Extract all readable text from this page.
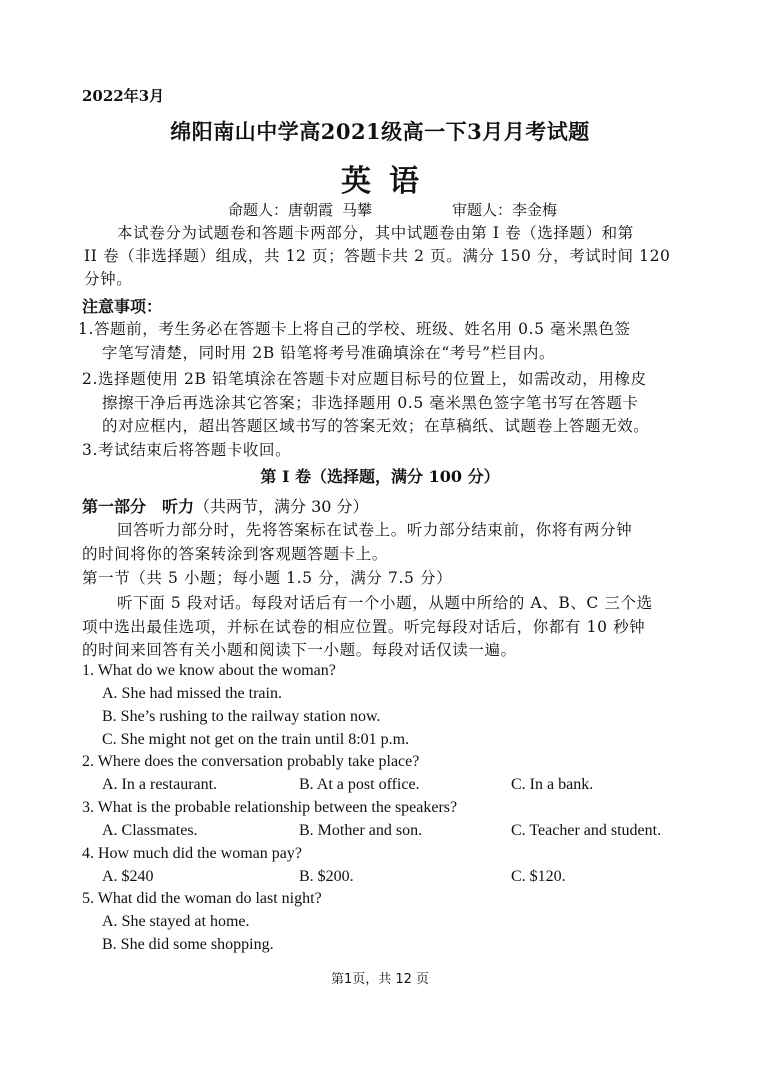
2022年3月
绵阳南山中学高2021级高一下3月月考试题
英语
命题人：唐朝霞 马攀	审题人：李金梅
本试卷分为试题卷和答题卡两部分，其中试题卷由第 I 卷（选择题）和第
II 卷（非选择题）组成，共 12 页；答题卡共 2 页。满分 150 分，考试时间 120
分钟。
注意事项：
1.答题前，考生务必在答题卡上将自己的学校、班级、姓名用 0.5 毫米黑色签
字笔写清楚，同时用 2B 铅笔将考号准确填涂在“考号”栏目内。
2.选择题使用 2B 铅笔填涂在答题卡对应题目标号的位置上，如需改动，用橡皮
擦擦干净后再选涂其它答案；非选择题用 0.5 毫米黑色签字笔书写在答题卡
的对应框内，超出答题区域书写的答案无效；在草稿纸、试题卷上答题无效。
3.考试结束后将答题卡收回。
第 I 卷（选择题，满分 100 分）
第一部分　听力（共两节，满分 30 分）
回答听力部分时，先将答案标在试卷上。听力部分结束前，你将有两分钟
的时间将你的答案转涂到客观题答题卡上。
第一节（共 5 小题；每小题 1.5 分，满分 7.5 分）
听下面 5 段对话。每段对话后有一个小题，从题中所给的 A、B、C 三个选
项中选出最佳选项，并标在试卷的相应位置。听完每段对话后，你都有 10 秒钟
的时间来回答有关小题和阅读下一小题。每段对话仅读一遍。
1. What do we know about the woman?
A. She had missed the train.
B. She’s rushing to the railway station now.
C. She might not get on the train until 8:01 p.m.
2. Where does the conversation probably take place?
A. In a restaurant.	B. At a post office.	C. In a bank.
3. What is the probable relationship between the speakers?
A. Classmates.	B. Mother and son.	C. Teacher and student.
4. How much did the woman pay?
A. $240	B. $200.	C. $120.
5. What did the woman do last night?
A. She stayed at home.
B. She did some shopping.
第1页，共 12 页
